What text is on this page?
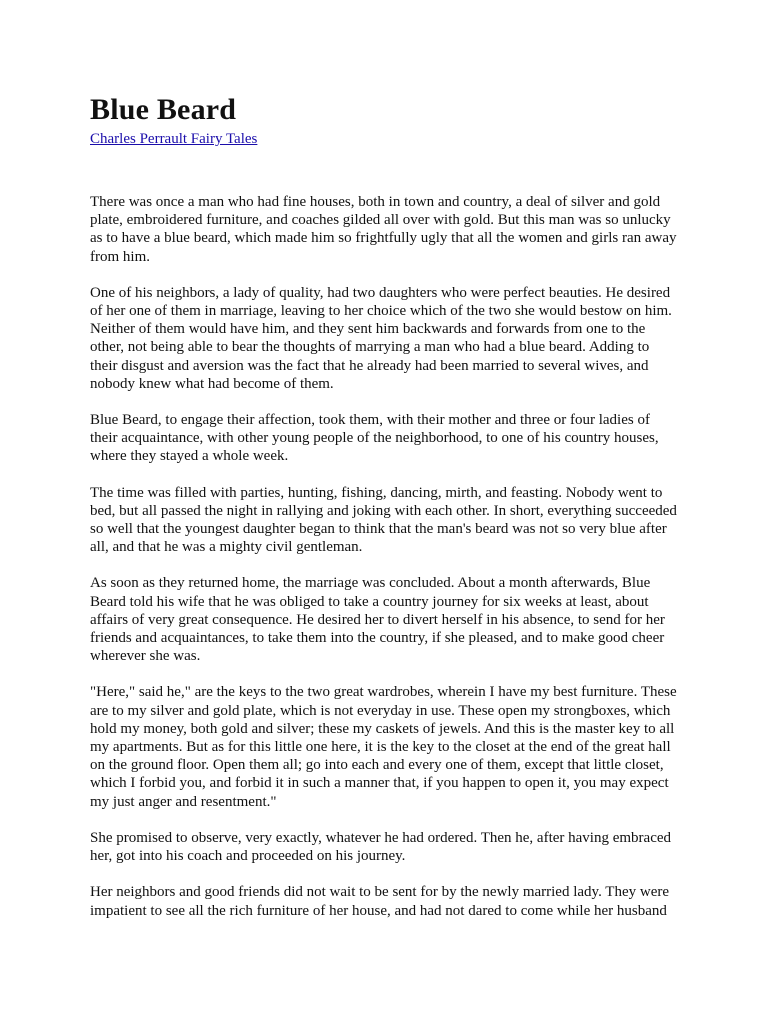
Blue Beard
Charles Perrault Fairy Tales

There was once a man who had fine houses, both in town and country, a deal of silver and gold plate, embroidered furniture, and coaches gilded all over with gold. But this man was so unlucky as to have a blue beard, which made him so frightfully ugly that all the women and girls ran away from him.

One of his neighbors, a lady of quality, had two daughters who were perfect beauties. He desired of her one of them in marriage, leaving to her choice which of the two she would bestow on him. Neither of them would have him, and they sent him backwards and forwards from one to the other, not being able to bear the thoughts of marrying a man who had a blue beard. Adding to their disgust and aversion was the fact that he already had been married to several wives, and nobody knew what had become of them.

Blue Beard, to engage their affection, took them, with their mother and three or four ladies of their acquaintance, with other young people of the neighborhood, to one of his country houses, where they stayed a whole week.

The time was filled with parties, hunting, fishing, dancing, mirth, and feasting. Nobody went to bed, but all passed the night in rallying and joking with each other. In short, everything succeeded so well that the youngest daughter began to think that the man's beard was not so very blue after all, and that he was a mighty civil gentleman.

As soon as they returned home, the marriage was concluded. About a month afterwards, Blue Beard told his wife that he was obliged to take a country journey for six weeks at least, about affairs of very great consequence. He desired her to divert herself in his absence, to send for her friends and acquaintances, to take them into the country, if she pleased, and to make good cheer wherever she was.

"Here," said he," are the keys to the two great wardrobes, wherein I have my best furniture. These are to my silver and gold plate, which is not everyday in use. These open my strongboxes, which hold my money, both gold and silver; these my caskets of jewels. And this is the master key to all my apartments. But as for this little one here, it is the key to the closet at the end of the great hall on the ground floor. Open them all; go into each and every one of them, except that little closet, which I forbid you, and forbid it in such a manner that, if you happen to open it, you may expect my just anger and resentment."

She promised to observe, very exactly, whatever he had ordered. Then he, after having embraced her, got into his coach and proceeded on his journey.

Her neighbors and good friends did not wait to be sent for by the newly married lady. They were impatient to see all the rich furniture of her house, and had not dared to come while her husband
